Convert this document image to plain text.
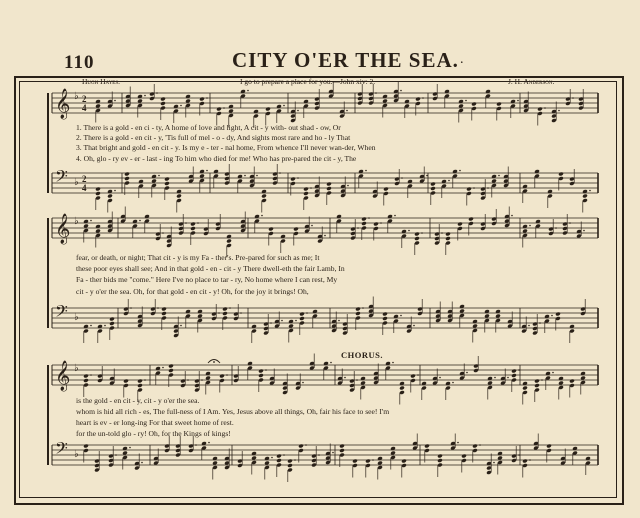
110	CITY O'ER THE SEA. .
Hugh Hayes.	I go to prepare a place for you.—John xiv: 2.	J. H. Anderson.
𝄞 ♭ 2
4
𝄢 ♭ 2
4
𝄞 ♭
𝄢 ♭
𝄞 ♭
𝄢 ♭
1. There is a gold - en ci - ty, A home of love and light, A cit - y with- out shad - ow, Or
2. There is a gold - en cit - y, 'Tis full of mel - o - dy, And sights most rare and ho - ly That
3. That bright and gold - en cit - y. Is my e - ter - nal home, From whence I'll never wan-der, When
4. Oh, glo - ry ev - er - last - ing To him who died for me! Who has pre-pared the cit - y, The
fear, or death, or night; That cit - y is my Fa - ther's. Pre-pared for such as me; It
these poor eyes shall see; And in that gold - en - cit - y There dwell-eth the fair Lamb, In
Fa - ther bids me "come." Here I've no place to tar - ry, No home where I can rest, My
cit - y o'er the sea. Oh, for that gold - en cit - y! Oh, for the joy it brings! Oh,
CHORUS.
is the gold - en cit - y, cit - y o'er the sea.
whom is hid all rich - es, The full-ness of I Am. Yes, Jesus above all things, Oh, fair his face to see! I'm
heart is ev - er long-ing For that sweet home of rest.
for the un-told glo - ry! Oh, for the Kings of kings!
